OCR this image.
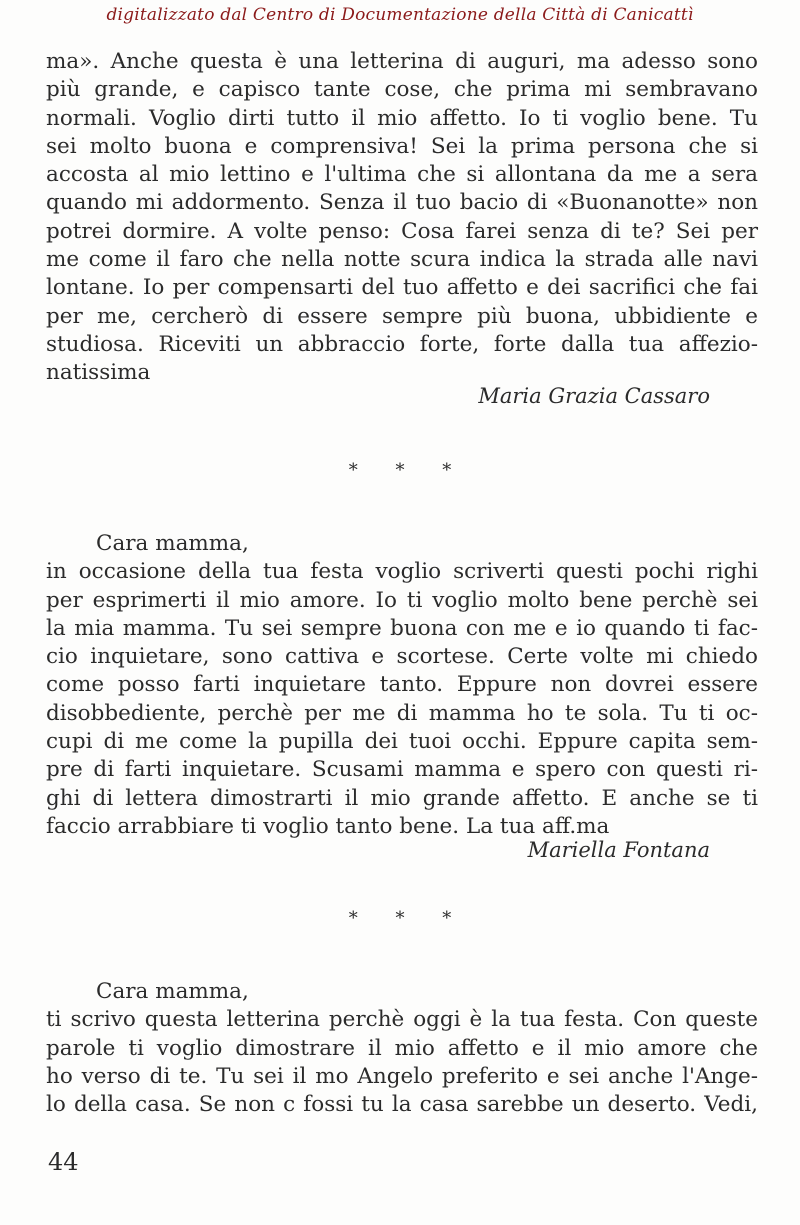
digitalizzato dal Centro di Documentazione della Città di Canicattì
ma». Anche questa è una letterina di auguri, ma adesso sono
più grande, e capisco tante cose, che prima mi sembravano
normali. Voglio dirti tutto il mio affetto. Io ti voglio bene. Tu
sei molto buona e comprensiva! Sei la prima persona che si
accosta al mio lettino e l'ultima che si allontana da me a sera
quando mi addormento. Senza il tuo bacio di «Buonanotte» non
potrei dormire. A volte penso: Cosa farei senza di te? Sei per
me come il faro che nella notte scura indica la strada alle navi
lontane. Io per compensarti del tuo affetto e dei sacrifici che fai
per me, cercherò di essere sempre più buona, ubbidiente e
studiosa. Riceviti un abbraccio forte, forte dalla tua affezio-
natissima
Maria Grazia Cassaro
* * *
Cara mamma,
in occasione della tua festa voglio scriverti questi pochi righi
per esprimerti il mio amore. Io ti voglio molto bene perchè sei
la mia mamma. Tu sei sempre buona con me e io quando ti fac-
cio inquietare, sono cattiva e scortese. Certe volte mi chiedo
come posso farti inquietare tanto. Eppure non dovrei essere
disobbediente, perchè per me di mamma ho te sola. Tu ti oc-
cupi di me come la pupilla dei tuoi occhi. Eppure capita sem-
pre di farti inquietare. Scusami mamma e spero con questi ri-
ghi di lettera dimostrarti il mio grande affetto. E anche se ti
faccio arrabbiare ti voglio tanto bene. La tua aff.ma
Mariella Fontana
* * *
Cara mamma,
ti scrivo questa letterina perchè oggi è la tua festa. Con queste
parole ti voglio dimostrare il mio affetto e il mio amore che
ho verso di te. Tu sei il mo Angelo preferito e sei anche l'Ange-
lo della casa. Se non c fossi tu la casa sarebbe un deserto. Vedi,
44
